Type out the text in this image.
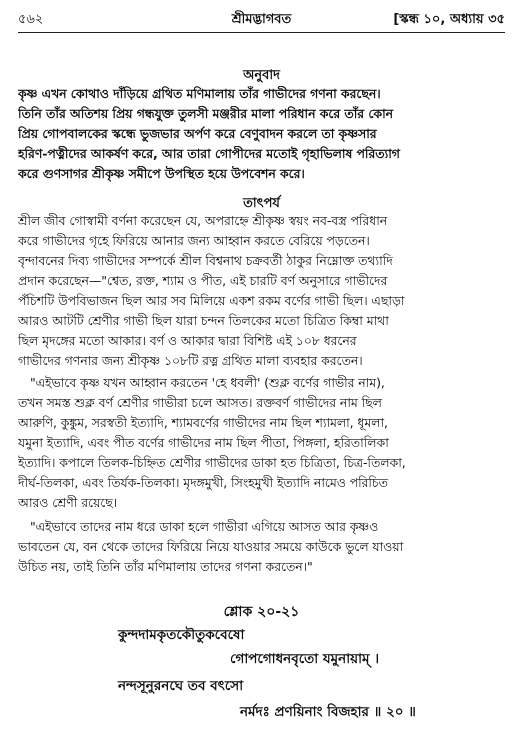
৫৬২	শ্রীমদ্ভাগবত	[স্কন্ধ ১০, অধ্যায় ৩৫
অনুবাদ
কৃষ্ণ এখন কোথাও দাঁড়িয়ে গ্রথিত মণিমালায় তাঁর গাভীদের গণনা করছেন।
তিনি তাঁর অতিশয় প্রিয় গন্ধযুক্ত তুলসী মঞ্জরীর মালা পরিধান করে তাঁর কোন
প্রিয় গোপবালকের স্কন্ধে ভুজভার অর্পণ করে বেণুবাদন করলে তা কৃষ্ণসার
হরিণ-পত্নীদের আকর্ষণ করে, আর তারা গোপীদের মতোই গৃহাভিলাষ পরিত্যাগ
করে গুণসাগর শ্রীকৃষ্ণ সমীপে উপস্থিত হয়ে উপবেশন করে।
তাৎপর্য
শ্রীল জীব গোস্বামী বর্ণনা করেছেন যে, অপরাহ্নে শ্রীকৃষ্ণ স্বয়ং নব-বস্ত্র পরিধান
করে গাভীদের গৃহে ফিরিয়ে আনার জন্য আহ্বান করতে বেরিয়ে পড়তেন।
বৃন্দাবনের দিব্য গাভীদের সম্পর্কে শ্রীল বিশ্বনাথ চক্রবর্তী ঠাকুর নিম্নোক্ত তথ্যাদি
প্রদান করেছেন—"শ্বেত, রক্ত, শ্যাম ও পীত, এই চারটি বর্ণ অনুসারে গাভীদের
পঁচিশটি উপবিভাজন ছিল আর সব মিলিয়ে একশ রকম বর্ণের গাভী ছিল। এছাড়া
আরও আটটি শ্রেণীর গাভী ছিল যারা চন্দন তিলকের মতো চিত্রিত কিম্বা মাথা
ছিল মৃদঙ্গের মতো আকার। বর্ণ ও আকার দ্বারা বিশিষ্ট এই ১০৮ ধরনের
গাভীদের গণনার জন্য শ্রীকৃষ্ণ ১০৮টি রত্ন গ্রথিত মালা ব্যবহার করতেন।
"এইভাবে কৃষ্ণ যখন আহ্বান করতেন 'হে ধবলী' (শুক্ল বর্ণের গাভীর নাম),
তখন সমস্ত শুক্ল বর্ণ শ্রেণীর গাভীরা চলে আসত। রক্তবর্ণ গাভীদের নাম ছিল
আরুণি, কুঙ্কুম, সরস্বতী ইত্যাদি, শ্যামবর্ণের গাভীদের নাম ছিল শ্যামলা, ধূমলা,
যমুনা ইত্যাদি, এবং পীত বর্ণের গাভীদের নাম ছিল পীতা, পিঙ্গলা, হরিতালিকা
ইত্যাদি। কপালে তিলক-চিহ্নিত শ্রেণীর গাভীদের ডাকা হত চিত্রিতা, চিত্র-তিলকা,
দীর্ঘ-তিলকা, এবং তির্যক-তিলকা। মৃদঙ্গমুখী, সিংহমুখী ইত্যাদি নামেও পরিচিত
আরও শ্রেণী রয়েছে।
"এইভাবে তাদের নাম ধরে ডাকা হলে গাভীরা এগিয়ে আসত আর কৃষ্ণও
ভাবতেন যে, বন থেকে তাদের ফিরিয়ে নিয়ে যাওয়ার সময়ে কাউকে ভুলে যাওয়া
উচিত নয়, তাই তিনি তাঁর মণিমালায় তাদের গণনা করতেন।"
শ্লোক ২০-২১
কুন্দদামকৃতকৌতুকবেষো
গোপগোধনবৃতো যমুনায়াম্ ।
নন্দসূনুরনঘে তব বৎসো
নর্মদঃ প্রণয়িনাং বিজহার ॥ ২০ ॥
